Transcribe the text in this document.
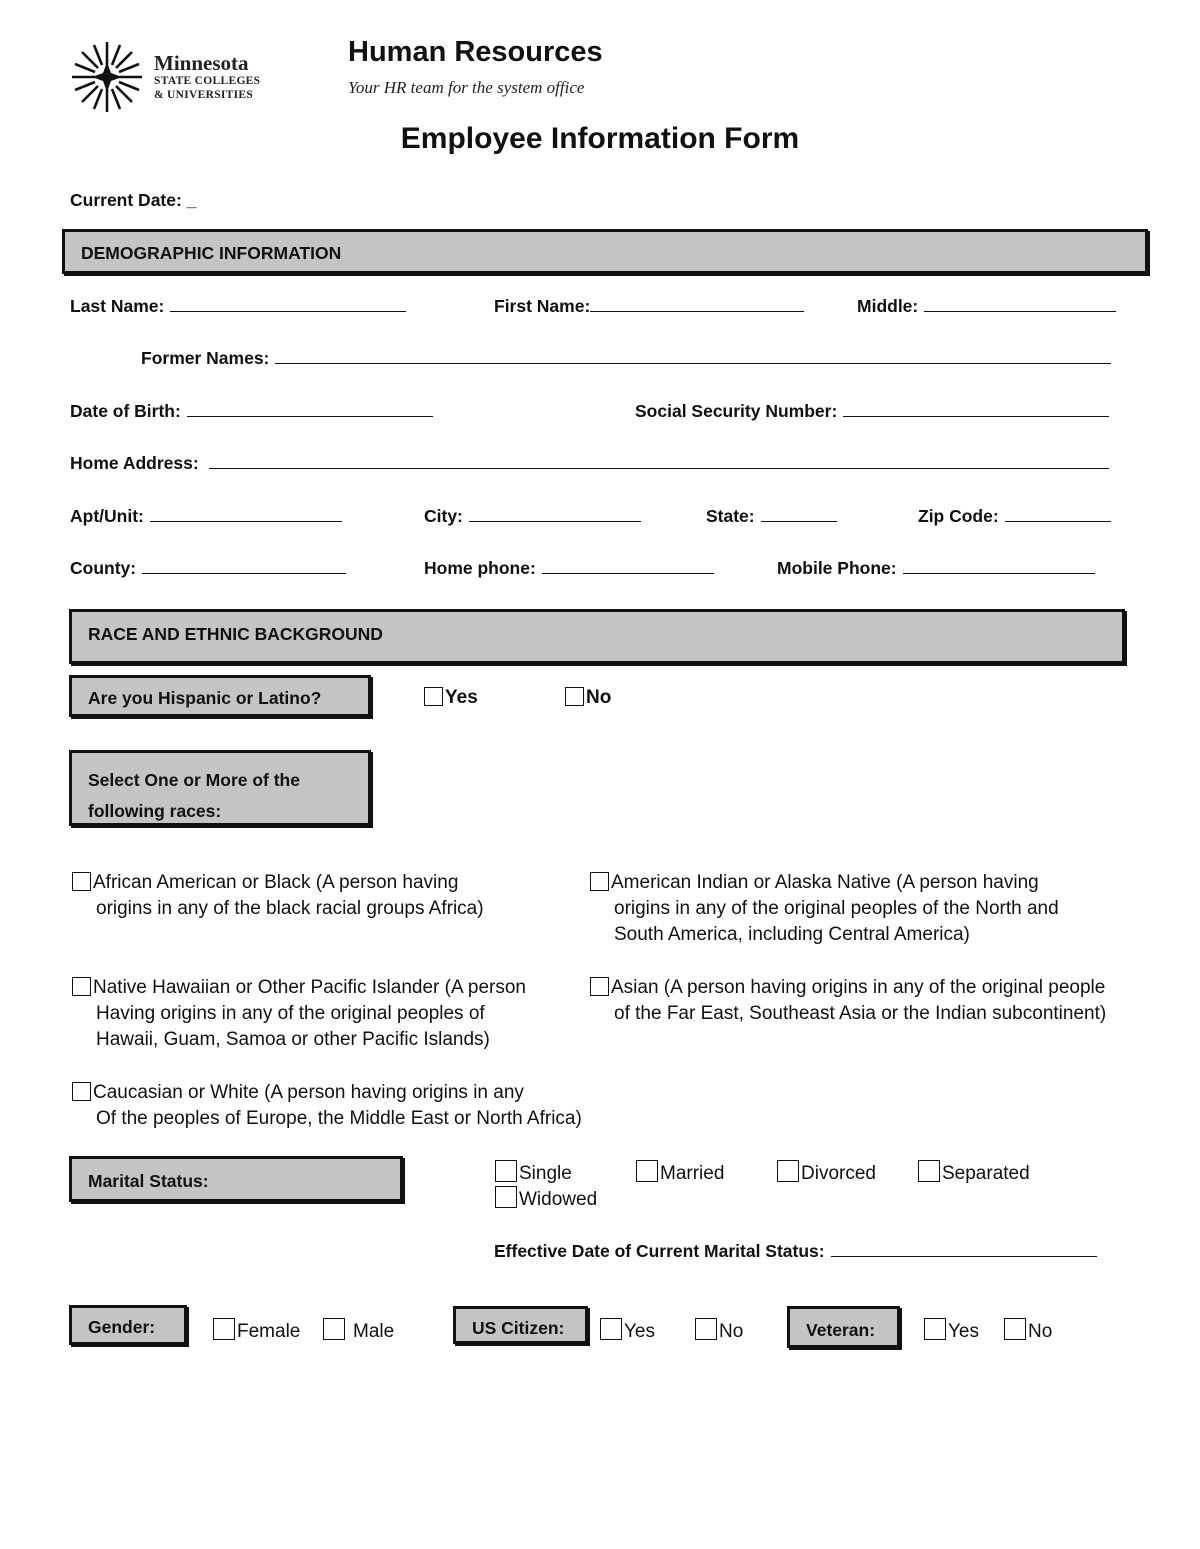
Minnesota
STATE COLLEGES
& UNIVERSITIES
Human Resources
Your HR team for the system office
Employee Information Form
Current Date: _
DEMOGRAPHIC INFORMATION
Last Name:	First Name:	Middle:
Former Names:
Date of Birth:	Social Security Number:
Home Address:
Apt/Unit:	City:	State:	Zip Code:
County:	Home phone:	Mobile Phone:
RACE AND ETHNIC BACKGROUND
Are you Hispanic or Latino?	Yes	No
Select One or More of the
following races:
African American or Black (A person having
origins in any of the black racial groups Africa)
American Indian or Alaska Native (A person having
origins in any of the original peoples of the North and
South America, including Central America)
Native Hawaiian or Other Pacific Islander (A person
Having origins in any of the original peoples of
Hawaii, Guam, Samoa or other Pacific Islands)
Asian (A person having origins in any of the original people
of the Far East, Southeast Asia or the Indian subcontinent)
Caucasian or White (A person having origins in any
Of the peoples of Europe, the Middle East or North Africa)
Marital Status:	Single	Married	Divorced	Separated
Widowed
Effective Date of Current Marital Status:
Gender:	Female	Male	US Citizen:	Yes	No	Veteran:	Yes	No
